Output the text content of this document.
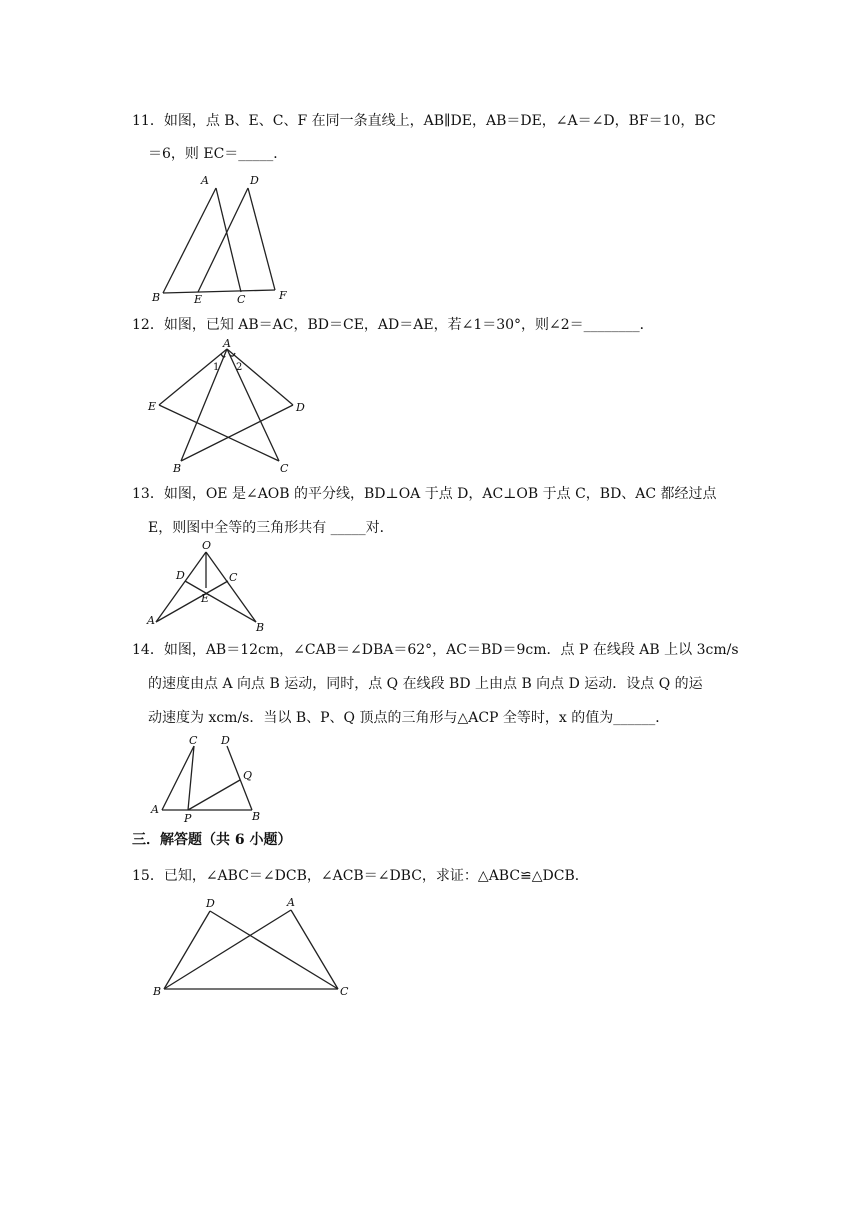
11．如图，点 B、E、C、F 在同一条直线上，AB∥DE，AB＝DE，∠A＝∠D，BF＝10，BC
＝6，则 EC＝_____．
A	D
B	E	C	F
12．如图，已知 AB＝AC，BD＝CE，AD＝AE，若∠1＝30°，则∠2＝________．
A
1 2
E	D
B	C
13．如图，OE 是∠AOB 的平分线，BD⊥OA 于点 D，AC⊥OB 于点 C，BD、AC 都经过点
E，则图中全等的三角形共有 _____对．
O
D	C
E
A
B
14．如图，AB＝12cm，∠CAB＝∠DBA＝62°，AC＝BD＝9cm．点 P 在线段 AB 上以 3cm/s
的速度由点 A 向点 B 运动，同时，点 Q 在线段 BD 上由点 B 向点 D 运动．设点 Q 的运
动速度为 xcm/s．当以 B、P、Q 顶点的三角形与△ACP 全等时，x 的值为______．
C D
Q
A
P	B
三．解答题（共 6 小题）
15．已知，∠ABC＝∠DCB，∠ACB＝∠DBC，求证：△ABC≌△DCB．
D	A
B	C
